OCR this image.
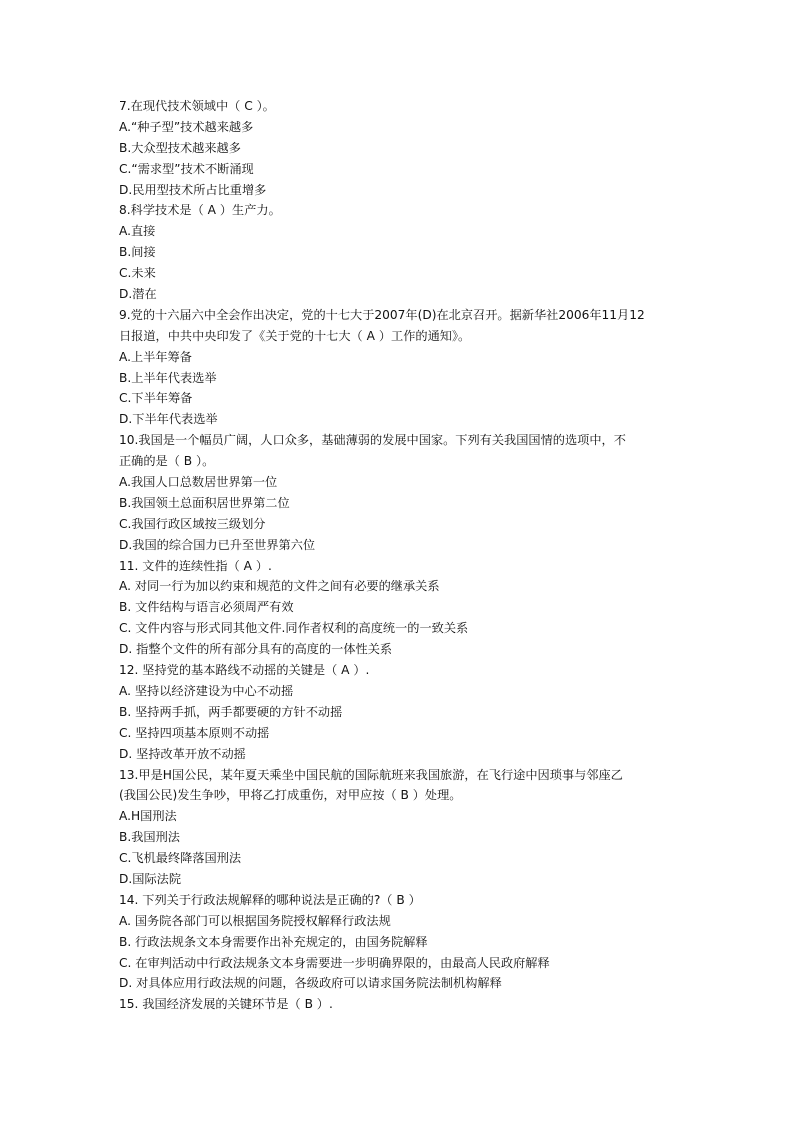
7.在现代技术领域中（ C ）。
A.“种子型”技术越来越多
B.大众型技术越来越多
C.“需求型”技术不断涌现
D.民用型技术所占比重增多
8.科学技术是（ A ）生产力。
A.直接
B.间接
C.未来
D.潜在
9.党的十六届六中全会作出决定，党的十七大于2007年(D)在北京召开。据新华社2006年11月12
日报道，中共中央印发了《关于党的十七大（ A ）工作的通知》。
A.上半年筹备
B.上半年代表选举
C.下半年筹备
D.下半年代表选举
10.我国是一个幅员广阔，人口众多，基础薄弱的发展中国家。下列有关我国国情的选项中，不
正确的是（ B ）。
A.我国人口总数居世界第一位
B.我国领土总面积居世界第二位
C.我国行政区域按三级划分
D.我国的综合国力已升至世界第六位
11. 文件的连续性指（ A ）.
A. 对同一行为加以约束和规范的文件之间有必要的继承关系
B. 文件结构与语言必须周严有效
C. 文件内容与形式同其他文件.同作者权利的高度统一的一致关系
D. 指整个文件的所有部分具有的高度的一体性关系
12. 坚持党的基本路线不动摇的关键是（ A ）.
A. 坚持以经济建设为中心不动摇
B. 坚持两手抓，两手都要硬的方针不动摇
C. 坚持四项基本原则不动摇
D. 坚持改革开放不动摇
13.甲是H国公民，某年夏天乘坐中国民航的国际航班来我国旅游，在飞行途中因琐事与邻座乙
(我国公民)发生争吵，甲将乙打成重伤，对甲应按（ B ）处理。
A.H国刑法
B.我国刑法
C.飞机最终降落国刑法
D.国际法院
14. 下列关于行政法规解释的哪种说法是正确的?（ B ）
A. 国务院各部门可以根据国务院授权解释行政法规
B. 行政法规条文本身需要作出补充规定的，由国务院解释
C. 在审判活动中行政法规条文本身需要进一步明确界限的，由最高人民政府解释
D. 对具体应用行政法规的问题，各级政府可以请求国务院法制机构解释
15. 我国经济发展的关键环节是（ B ）.
